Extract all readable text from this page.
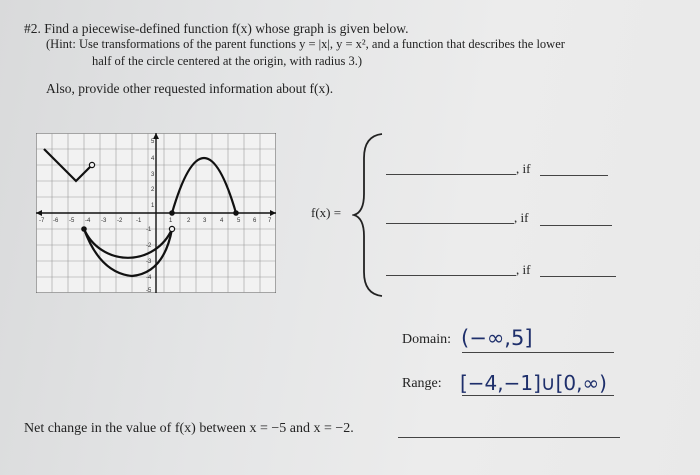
#2. Find a piecewise-defined function f(x) whose graph is given below.
(Hint: Use transformations of the parent functions y = |x|, y = x², and a function that describes the lower
half of the circle centered at the origin, with radius 3.)
Also, provide other requested information about f(x).
-7 -6 -5 -4 -3 -2 -1	1 2 3 4 5 6 7
5
4
3
2
1
-1
-2
-3
-4
-5
f(x) =
, if
, if
, if
Domain: (−∞,5]
Range: [−4,−1]∪[0,∞)
Net change in the value of f(x) between x = −5 and x = −2.
